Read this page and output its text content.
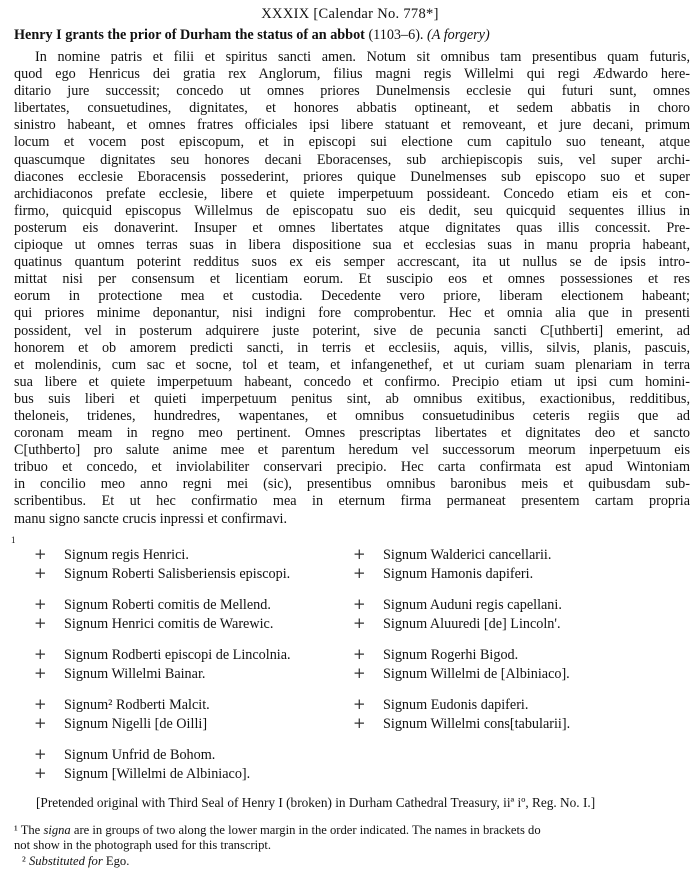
XXXIX [Calendar No. 778*]
Henry I grants the prior of Durham the status of an abbot (1103–6). (A forgery)
In nomine patris et filii et spiritus sancti amen. Notum sit omnibus tam presentibus quam futuris,
quod ego Henricus dei gratia rex Anglorum, filius magni regis Willelmi qui regi Ædwardo here-
ditario jure successit; concedo ut omnes priores Dunelmensis ecclesie qui futuri sunt, omnes
libertates, consuetudines, dignitates, et honores abbatis optineant, et sedem abbatis in choro
sinistro habeant, et omnes fratres officiales ipsi libere statuant et removeant, et jure decani, primum
locum et vocem post episcopum, et in episcopi sui electione cum capitulo suo teneant, atque
quascumque dignitates seu honores decani Eboracenses, sub archiepiscopis suis, vel super archi-
diacones ecclesie Eboracensis possederint, priores quique Dunelmenses sub episcopo suo et super
archidiaconos prefate ecclesie, libere et quiete imperpetuum possideant. Concedo etiam eis et con-
firmo, quicquid episcopus Willelmus de episcopatu suo eis dedit, seu quicquid sequentes illius in
posterum eis donaverint. Insuper et omnes libertates atque dignitates quas illis concessit. Pre-
cipioque ut omnes terras suas in libera dispositione sua et ecclesias suas in manu propria habeant,
quatinus quantum poterint redditus suos ex eis semper accrescant, ita ut nullus se de ipsis intro-
mittat nisi per consensum et licentiam eorum. Et suscipio eos et omnes possessiones et res
eorum in protectione mea et custodia. Decedente vero priore, liberam electionem habeant;
qui priores minime deponantur, nisi indigni fore comprobentur. Hec et omnia alia que in presenti
possident, vel in posterum adquirere juste poterint, sive de pecunia sancti C[uthberti] emerint, ad
honorem et ob amorem predicti sancti, in terris et ecclesiis, aquis, villis, silvis, planis, pascuis,
et molendinis, cum sac et socne, tol et team, et infangenethef, et ut curiam suam plenariam in terra
sua libere et quiete imperpetuum habeant, concedo et confirmo. Precipio etiam ut ipsi cum homini-
bus suis liberi et quieti imperpetuum penitus sint, ab omnibus exitibus, exactionibus, redditibus,
theloneis, tridenes, hundredres, wapentanes, et omnibus consuetudinibus ceteris regiis que ad
coronam meam in regno meo pertinent. Omnes prescriptas libertates et dignitates deo et sancto
C[uthberto] pro salute anime mee et parentum heredum vel successorum meorum inperpetuum eis
tribuo et concedo, et inviolabiliter conservari precipio. Hec carta confirmata est apud Wintoniam
in concilio meo anno regni mei (sic), presentibus omnibus baronibus meis et quibusdam sub-
scribentibus. Et ut hec confirmatio mea in eternum firma permaneat presentem cartam propria
manu signo sancte crucis inpressi et confirmavi.
1
+ Signum regis Henrici.
+ Signum Roberti Salisberiensis episcopi.
+ Signum Roberti comitis de Mellend.
+ Signum Henrici comitis de Warewic.
+ Signum Rodberti episcopi de Lincolnia.
+ Signum Willelmi Bainar.
+ Signum² Rodberti Malcit.
+ Signum Nigelli [de Oilli]
+ Signum Unfrid de Bohom.
+ Signum [Willelmi de Albiniaco].
+ Signum Walderici cancellarii.
+ Signum Hamonis dapiferi.
+ Signum Auduni regis capellani.
+ Signum Aluuredi [de] Lincoln'.
+ Signum Rogerhi Bigod.
+ Signum Willelmi de [Albiniaco].
+ Signum Eudonis dapiferi.
+ Signum Willelmi cons[tabularii].
[Pretended original with Third Seal of Henry I (broken) in Durham Cathedral Treasury, iiª iº, Reg. No. I.]
¹ The signa are in groups of two along the lower margin in the order indicated. The names in brackets do
not show in the photograph used for this transcript.
² Substituted for Ego.
